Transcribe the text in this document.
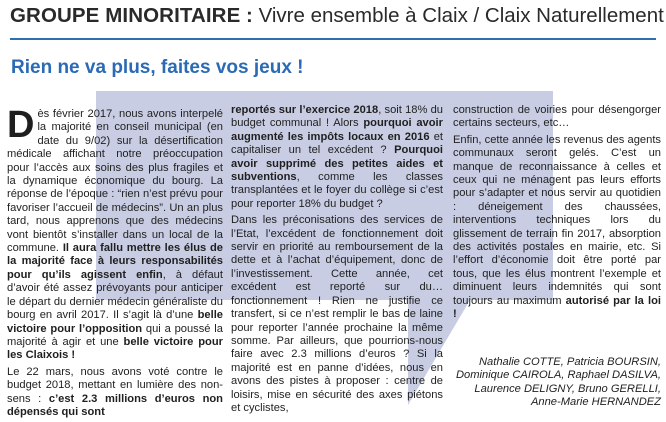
GROUPE MINORITAIRE : Vivre ensemble à Claix / Claix Naturellement
Rien ne va plus, faites vos jeux !

Dès février 2017, nous avons interpelé la majorité en conseil municipal (en date du 9/02) sur la désertification médicale affichant notre préoccupation pour l’accès aux soins des plus fragiles et la dynamique économique du bourg. La réponse de l’époque : “rien n’est prévu pour favoriser l’accueil de médecins”. Un an plus tard, nous apprenons que des médecins vont bientôt s’installer dans un local de la commune. Il aura fallu mettre les élus de la majorité face à leurs responsabilités pour qu’ils agissent enfin, à défaut d’avoir été assez prévoyants pour anticiper le départ du dernier médecin généraliste du bourg en avril 2017. Il s’agit là d’une belle victoire pour l’opposition qui a poussé la majorité à agir et une belle victoire pour les Claixois !

Le 22 mars, nous avons voté contre le budget 2018, mettant en lumière des non-sens : c’est 2.3 millions d’euros non dépensés qui sont

reportés sur l’exercice 2018, soit 18% du budget communal ! Alors pourquoi avoir augmenté les impôts locaux en 2016 et capitaliser un tel excédent ? Pourquoi avoir supprimé des petites aides et subventions, comme les classes transplantées et le foyer du collège si c’est pour reporter 18% du budget ?

Dans les préconisations des services de l’Etat, l’excédent de fonctionnement doit servir en priorité au remboursement de la dette et à l’achat d’équipement, donc de l’investissement. Cette année, cet excédent est reporté sur du… fonctionnement ! Rien ne justifie ce transfert, si ce n’est remplir le bas de laine pour reporter l’année prochaine la même somme. Par ailleurs, que pourrions-nous faire avec 2.3 millions d’euros ? Si la majorité est en panne d’idées, nous en avons des pistes à proposer : centre de loisirs, mise en sécurité des axes piétons et cyclistes,

construction de voiries pour désengorger certains secteurs, etc…

Enfin, cette année les revenus des agents communaux seront gelés. C’est un manque de reconnaissance à celles et ceux qui ne ménagent pas leurs efforts pour s’adapter et nous servir au quotidien : déneigement des chaussées, interventions techniques lors du glissement de terrain fin 2017, absorption des activités postales en mairie, etc. Si l’effort d’économie doit être porté par tous, que les élus montrent l’exemple et diminuent leurs indemnités qui sont toujours au maximum autorisé par la loi !

Nathalie COTTE, Patricia BOURSIN,
Dominique CAIROLA, Raphael DASILVA,
Laurence DELIGNY, Bruno GERELLI,
Anne-Marie HERNANDEZ
